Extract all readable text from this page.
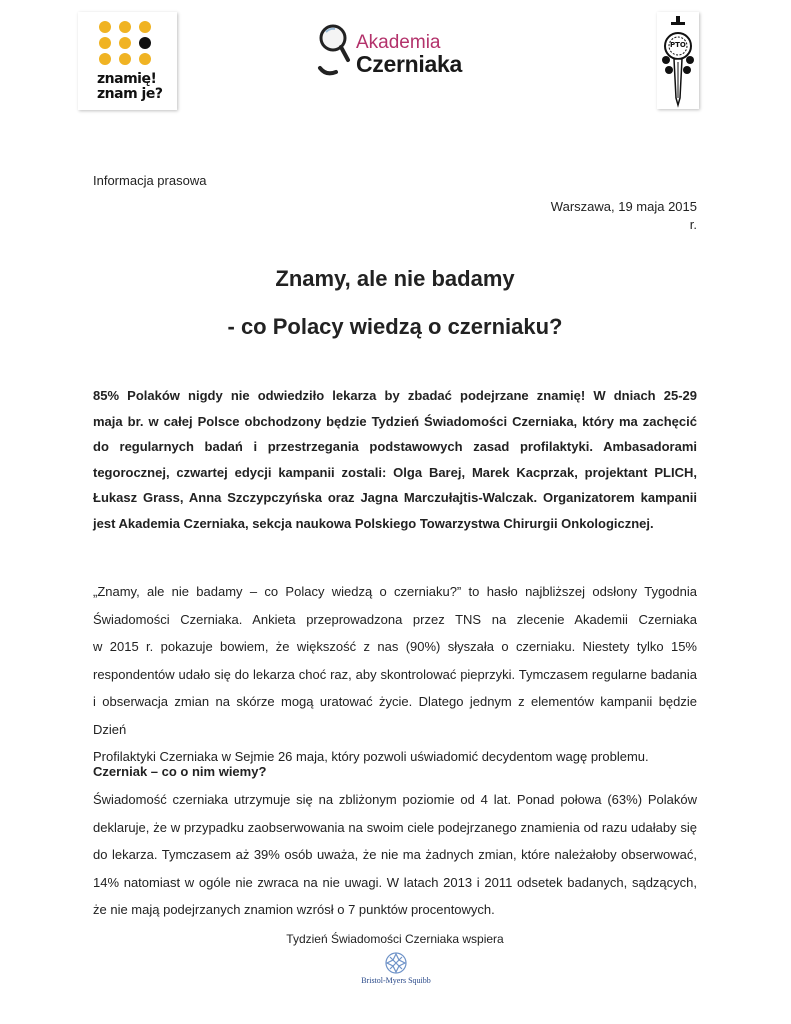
znamię!
znam je?
Akademia
Czerniaka
PTO
Informacja prasowa
Warszawa, 19 maja 2015 r.
Znamy, ale nie badamy
- co Polacy wiedzą o czerniaku?
85% Polaków nigdy nie odwiedziło lekarza by zbadać podejrzane znamię! W dniach 25-29
maja br. w całej Polsce obchodzony będzie Tydzień Świadomości Czerniaka, który ma zachęcić
do regularnych badań i przestrzegania podstawowych zasad profilaktyki. Ambasadorami
tegorocznej, czwartej edycji kampanii zostali: Olga Barej, Marek Kacprzak, projektant PLICH,
Łukasz Grass, Anna Szczypczyńska oraz Jagna Marczułajtis-Walczak. Organizatorem kampanii
jest Akademia Czerniaka, sekcja naukowa Polskiego Towarzystwa Chirurgii Onkologicznej.
„Znamy, ale nie badamy – co Polacy wiedzą o czerniaku?” to hasło najbliższej odsłony Tygodnia
Świadomości Czerniaka. Ankieta przeprowadzona przez TNS na zlecenie Akademii Czerniaka
w 2015 r. pokazuje bowiem, że większość z nas (90%) słyszała o czerniaku. Niestety tylko 15%
respondentów udało się do lekarza choć raz, aby skontrolować pieprzyki. Tymczasem regularne badania
i obserwacja zmian na skórze mogą uratować życie. Dlatego jednym z elementów kampanii będzie Dzień
Profilaktyki Czerniaka w Sejmie 26 maja, który pozwoli uświadomić decydentom wagę problemu.
Czerniak – co o nim wiemy?
Świadomość czerniaka utrzymuje się na zbliżonym poziomie od 4 lat. Ponad połowa (63%) Polaków
deklaruje, że w przypadku zaobserwowania na swoim ciele podejrzanego znamienia od razu udałaby się
do lekarza. Tymczasem aż 39% osób uważa, że nie ma żadnych zmian, które należałoby obserwować,
14% natomiast w ogóle nie zwraca na nie uwagi. W latach 2013 i 2011 odsetek badanych, sądzących,
że nie mają podejrzanych znamion wzrósł o 7 punktów procentowych.
Tydzień Świadomości Czerniaka wspiera
Bristol-Myers Squibb
